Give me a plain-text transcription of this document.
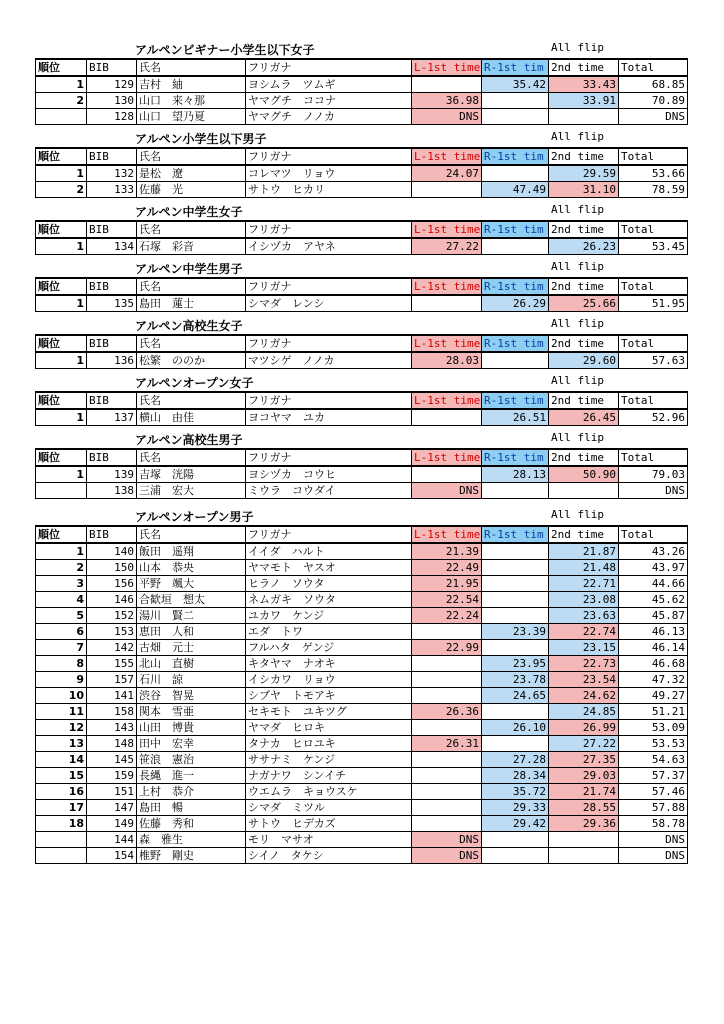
アルペンビギナー小学生以下女子	All flip
順位	BIB	氏名	フリガナ	L-1st time	R-1st tim	2nd time	Total
1	129	吉村　紬	ヨシムラ　ツムギ		35.42	33.43	68.85
2	130	山口　来々那	ヤマグチ　ココナ	36.98		33.91	70.89
	128	山口　望乃夏	ヤマグチ　ノノカ	DNS			DNS
アルペン小学生以下男子	All flip
順位	BIB	氏名	フリガナ	L-1st time	R-1st tim	2nd time	Total
1	132	是松　遼	コレマツ　リョウ	24.07		29.59	53.66
2	133	佐藤　光	サトウ　ヒカリ		47.49	31.10	78.59
アルペン中学生女子	All flip
順位	BIB	氏名	フリガナ	L-1st time	R-1st tim	2nd time	Total
1	134	石塚　彩音	イシヅカ　アヤネ	27.22		26.23	53.45
アルペン中学生男子	All flip
順位	BIB	氏名	フリガナ	L-1st time	R-1st tim	2nd time	Total
1	135	島田　蓮士	シマダ　レンシ		26.29	25.66	51.95
アルペン高校生女子	All flip
順位	BIB	氏名	フリガナ	L-1st time	R-1st tim	2nd time	Total
1	136	松繁　ののか	マツシゲ　ノノカ	28.03		29.60	57.63
アルペンオープン女子	All flip
順位	BIB	氏名	フリガナ	L-1st time	R-1st tim	2nd time	Total
1	137	横山　由佳	ヨコヤマ　ユカ		26.51	26.45	52.96
アルペン高校生男子	All flip
順位	BIB	氏名	フリガナ	L-1st time	R-1st tim	2nd time	Total
1	139	吉塚　洸陽	ヨシヅカ　コウヒ		28.13	50.90	79.03
	138	三浦　宏大	ミウラ　コウダイ	DNS			DNS
アルペンオープン男子	All flip
順位	BIB	氏名	フリガナ	L-1st time	R-1st tim	2nd time	Total
1	140	飯田　遥翔	イイダ　ハルト	21.39		21.87	43.26
2	150	山本　恭央	ヤマモト　ヤスオ	22.49		21.48	43.97
3	156	平野　颯大	ヒラノ　ソウタ	21.95		22.71	44.66
4	146	合歓垣　想太	ネムガキ　ソウタ	22.54		23.08	45.62
5	152	湯川　賢二	ユカワ　ケンジ	22.24		23.63	45.87
6	153	恵田　人和	エダ　トワ		23.39	22.74	46.13
7	142	古畑　元士	フルハタ　ゲンジ	22.99		23.15	46.14
8	155	北山　直樹	キタヤマ　ナオキ		23.95	22.73	46.68
9	157	石川　諒	イシカワ　リョウ		23.78	23.54	47.32
10	141	渋谷　智晃	シブヤ　トモアキ		24.65	24.62	49.27
11	158	関本　雪亜	セキモト　ユキツグ	26.36		24.85	51.21
12	143	山田　博貴	ヤマダ　ヒロキ		26.10	26.99	53.09
13	148	田中　宏幸	タナカ　ヒロユキ	26.31		27.22	53.53
14	145	笹浪　憲治	ササナミ　ケンジ		27.28	27.35	54.63
15	159	長縄　進一	ナガナワ　シンイチ		28.34	29.03	57.37
16	151	上村　恭介	ウエムラ　キョウスケ		35.72	21.74	57.46
17	147	島田　暢	シマダ　ミツル		29.33	28.55	57.88
18	149	佐藤　秀和	サトウ　ヒデカズ		29.42	29.36	58.78
	144	森　雅生	モリ　マサオ	DNS			DNS
	154	椎野　剛史	シイノ　タケシ	DNS			DNS
